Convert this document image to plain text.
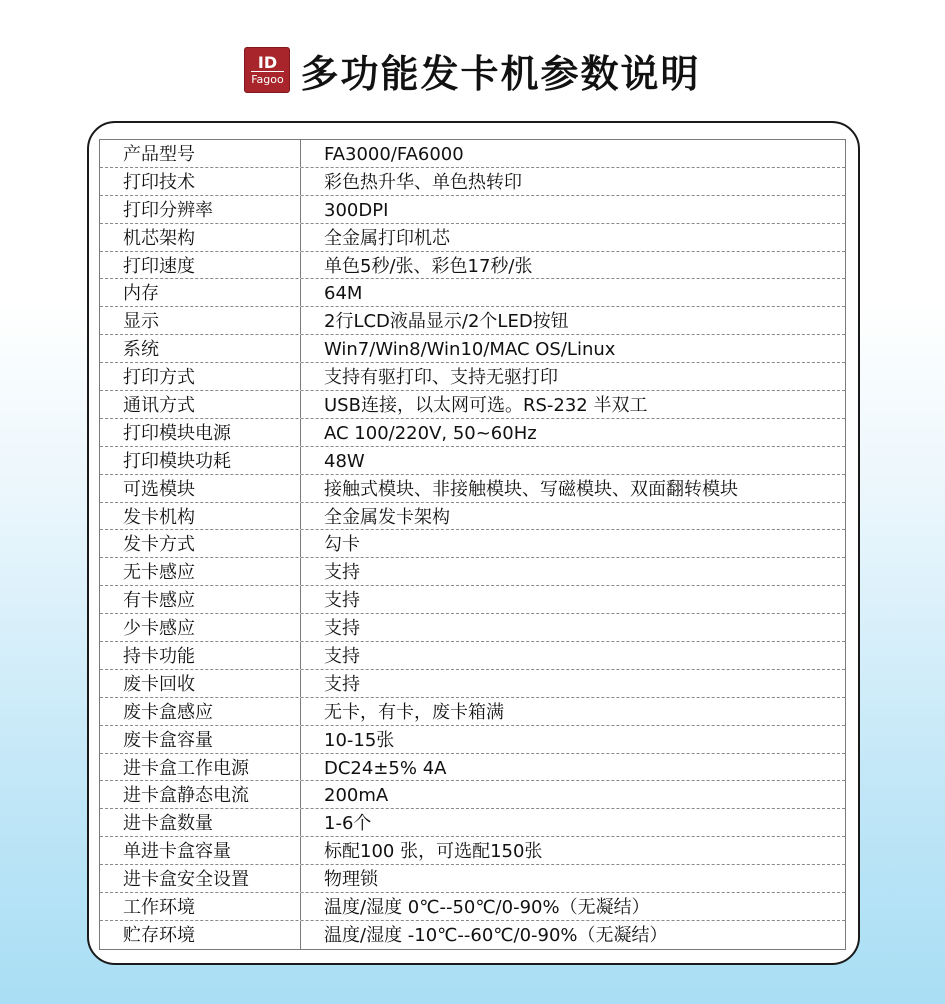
ID
Fagoo 多功能发卡机参数说明
产品型号	FA3000/FA6000
打印技术	彩色热升华、单色热转印
打印分辨率	300DPI
机芯架构	全金属打印机芯
打印速度	单色5秒/张、彩色17秒/张
内存	64M
显示	2行LCD液晶显示/2个LED按钮
系统	Win7/Win8/Win10/MAC OS/Linux
打印方式	支持有驱打印、支持无驱打印
通讯方式	USB连接，以太网可选。RS-232 半双工
打印模块电源	AC 100/220V, 50~60Hz
打印模块功耗	48W
可选模块	接触式模块、非接触模块、写磁模块、双面翻转模块
发卡机构	全金属发卡架构
发卡方式	勾卡
无卡感应	支持
有卡感应	支持
少卡感应	支持
持卡功能	支持
废卡回收	支持
废卡盒感应	无卡，有卡，废卡箱满
废卡盒容量	10-15张
进卡盒工作电源	DC24±5% 4A
进卡盒静态电流	200mA
进卡盒数量	1-6个
单进卡盒容量	标配100 张，可选配150张
进卡盒安全设置	物理锁
工作环境	温度/湿度 0℃--50℃/0-90%（无凝结）
贮存环境	温度/湿度 -10℃--60℃/0-90%（无凝结）
